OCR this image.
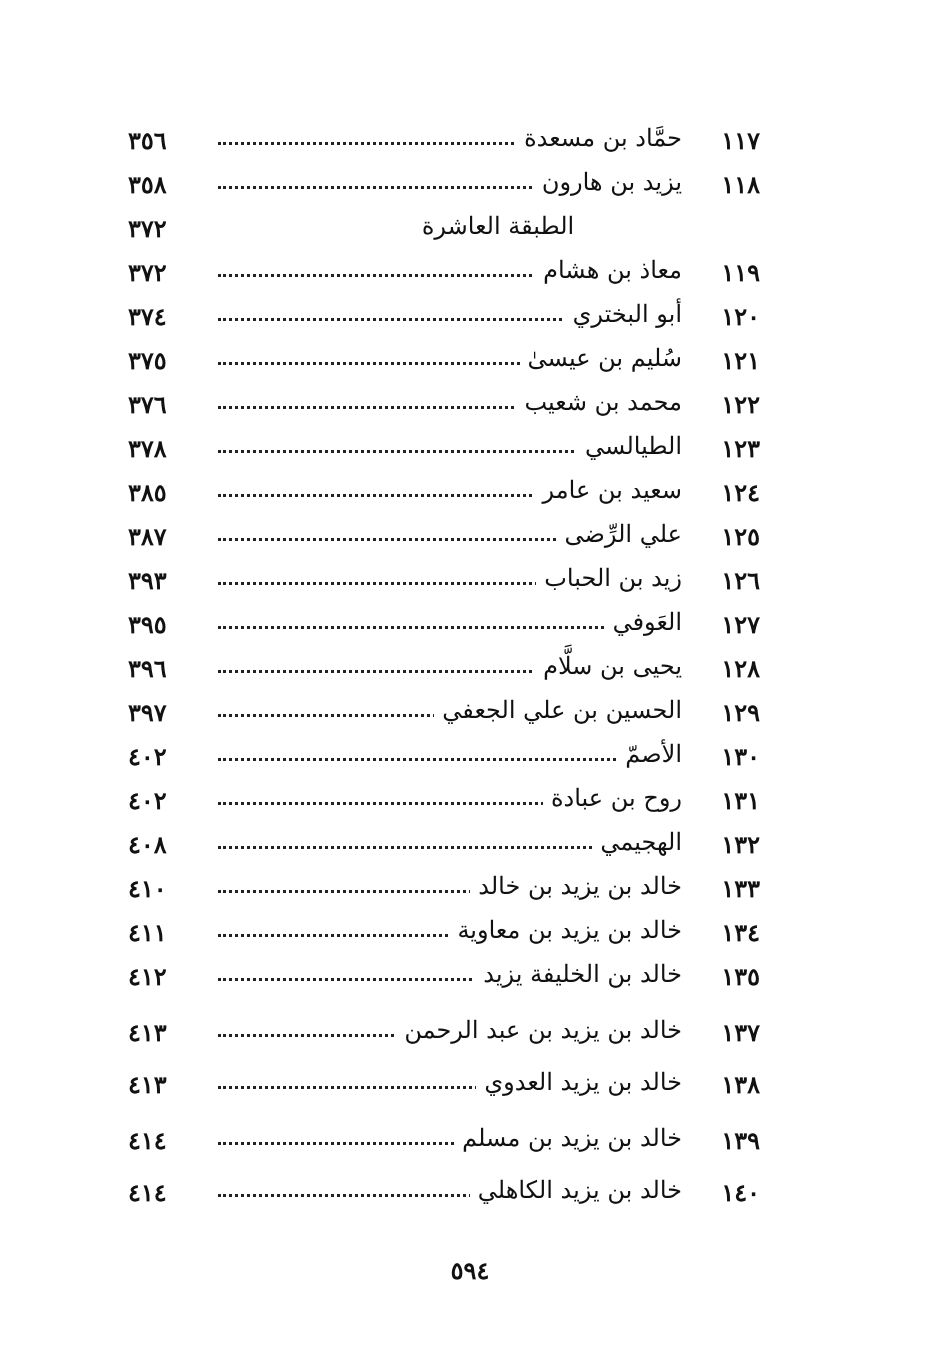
١١٧
حمَّاد بن مسعدة
٣٥٦
١١٨
يزيد بن هارون
٣٥٨
الطبقة العاشرة
٣٧٢
١١٩
معاذ بن هشام
٣٧٢
١٢٠
أبو البختري
٣٧٤
١٢١
سُليم بن عيسىٰ
٣٧٥
١٢٢
محمد بن شعيب
٣٧٦
١٢٣
الطيالسي
٣٧٨
١٢٤
سعيد بن عامر
٣٨٥
١٢٥
علي الرِّضى
٣٨٧
١٢٦
زيد بن الحباب
٣٩٣
١٢٧
العَوفي
٣٩٥
١٢٨
يحيى بن سلَّام
٣٩٦
١٢٩
الحسين بن علي الجعفي
٣٩٧
١٣٠
الأصمّ
٤٠٢
١٣١
روح بن عبادة
٤٠٢
١٣٢
الهجيمي
٤٠٨
١٣٣
خالد بن يزيد بن خالد
٤١٠
١٣٤
خالد بن يزيد بن معاوية
٤١١
١٣٥
خالد بن الخليفة يزيد
٤١٢
١٣٧
خالد بن يزيد بن عبد الرحمن
٤١٣
١٣٨
خالد بن يزيد العدوي
٤١٣
١٣٩
خالد بن يزيد بن مسلم
٤١٤
١٤٠
خالد بن يزيد الكاهلي
٤١٤
٥٩٤
